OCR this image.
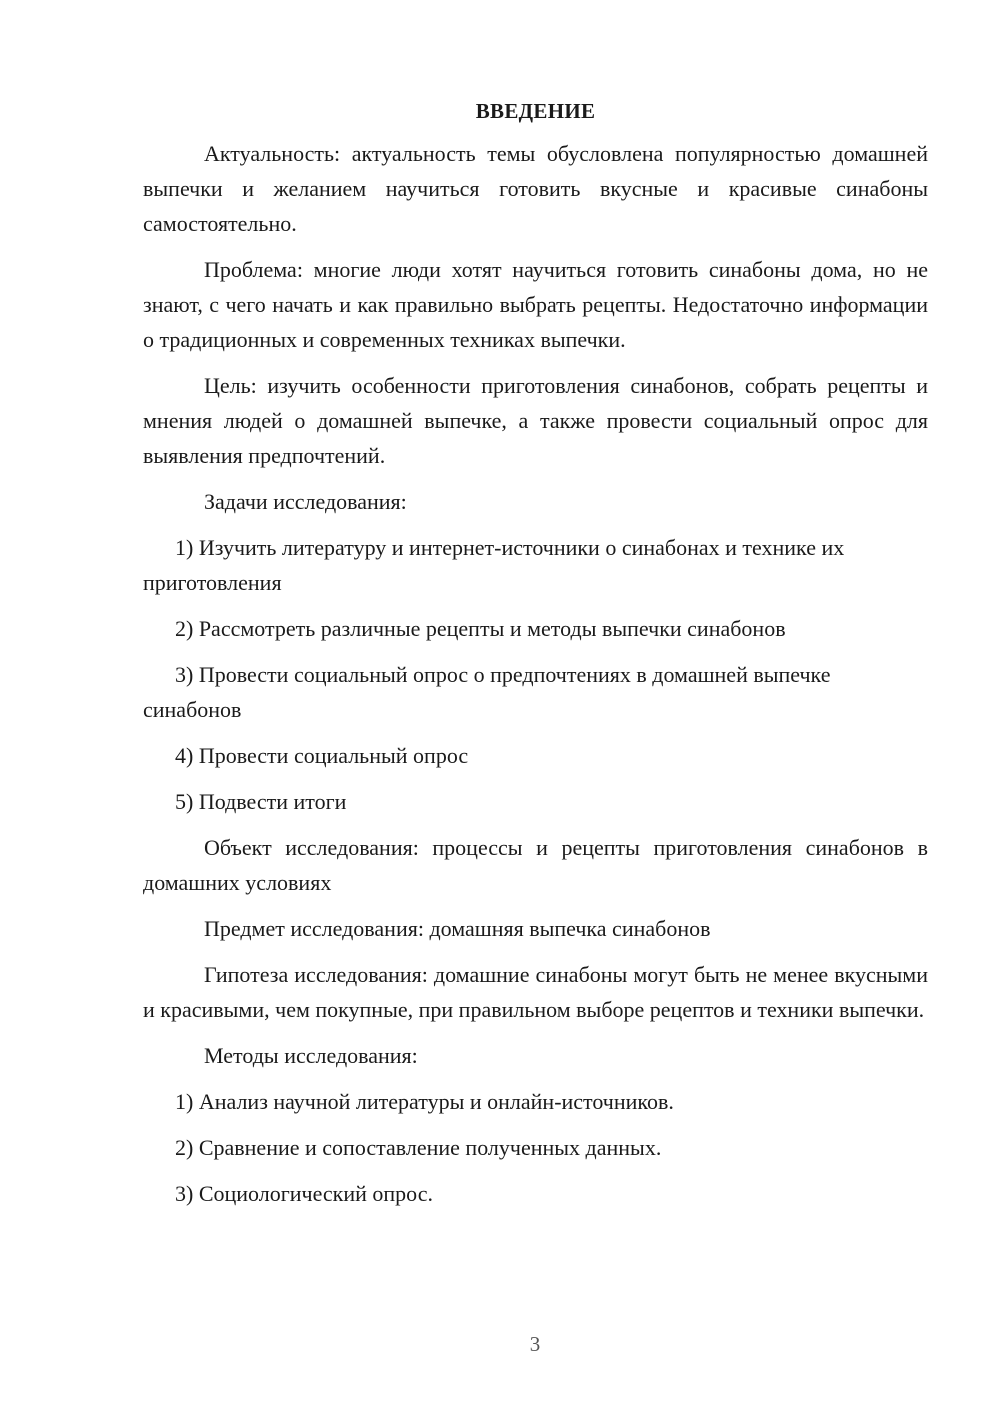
ВВЕДЕНИЕ

Актуальность: актуальность темы обусловлена популярностью домашней выпечки и желанием научиться готовить вкусные и красивые синабоны самостоятельно.

Проблема: многие люди хотят научиться готовить синабоны дома, но не знают, с чего начать и как правильно выбрать рецепты. Недостаточно информации о традиционных и современных техниках выпечки.

Цель: изучить особенности приготовления синабонов, собрать рецепты и мнения людей о домашней выпечке, а также провести социальный опрос для выявления предпочтений.

Задачи исследования:

1) Изучить литературу и интернет-источники о синабонах и технике их приготовления

2) Рассмотреть различные рецепты и методы выпечки синабонов

3) Провести социальный опрос о предпочтениях в домашней выпечке синабонов

4) Провести социальный опрос

5) Подвести итоги

Объект исследования: процессы и рецепты приготовления синабонов в домашних условиях

Предмет исследования: домашняя выпечка синабонов

Гипотеза исследования: домашние синабоны могут быть не менее вкусными и красивыми, чем покупные, при правильном выборе рецептов и техники выпечки.

Методы исследования:

1) Анализ научной литературы и онлайн-источников.

2) Сравнение и сопоставление полученных данных.

3) Социологический опрос.

3
